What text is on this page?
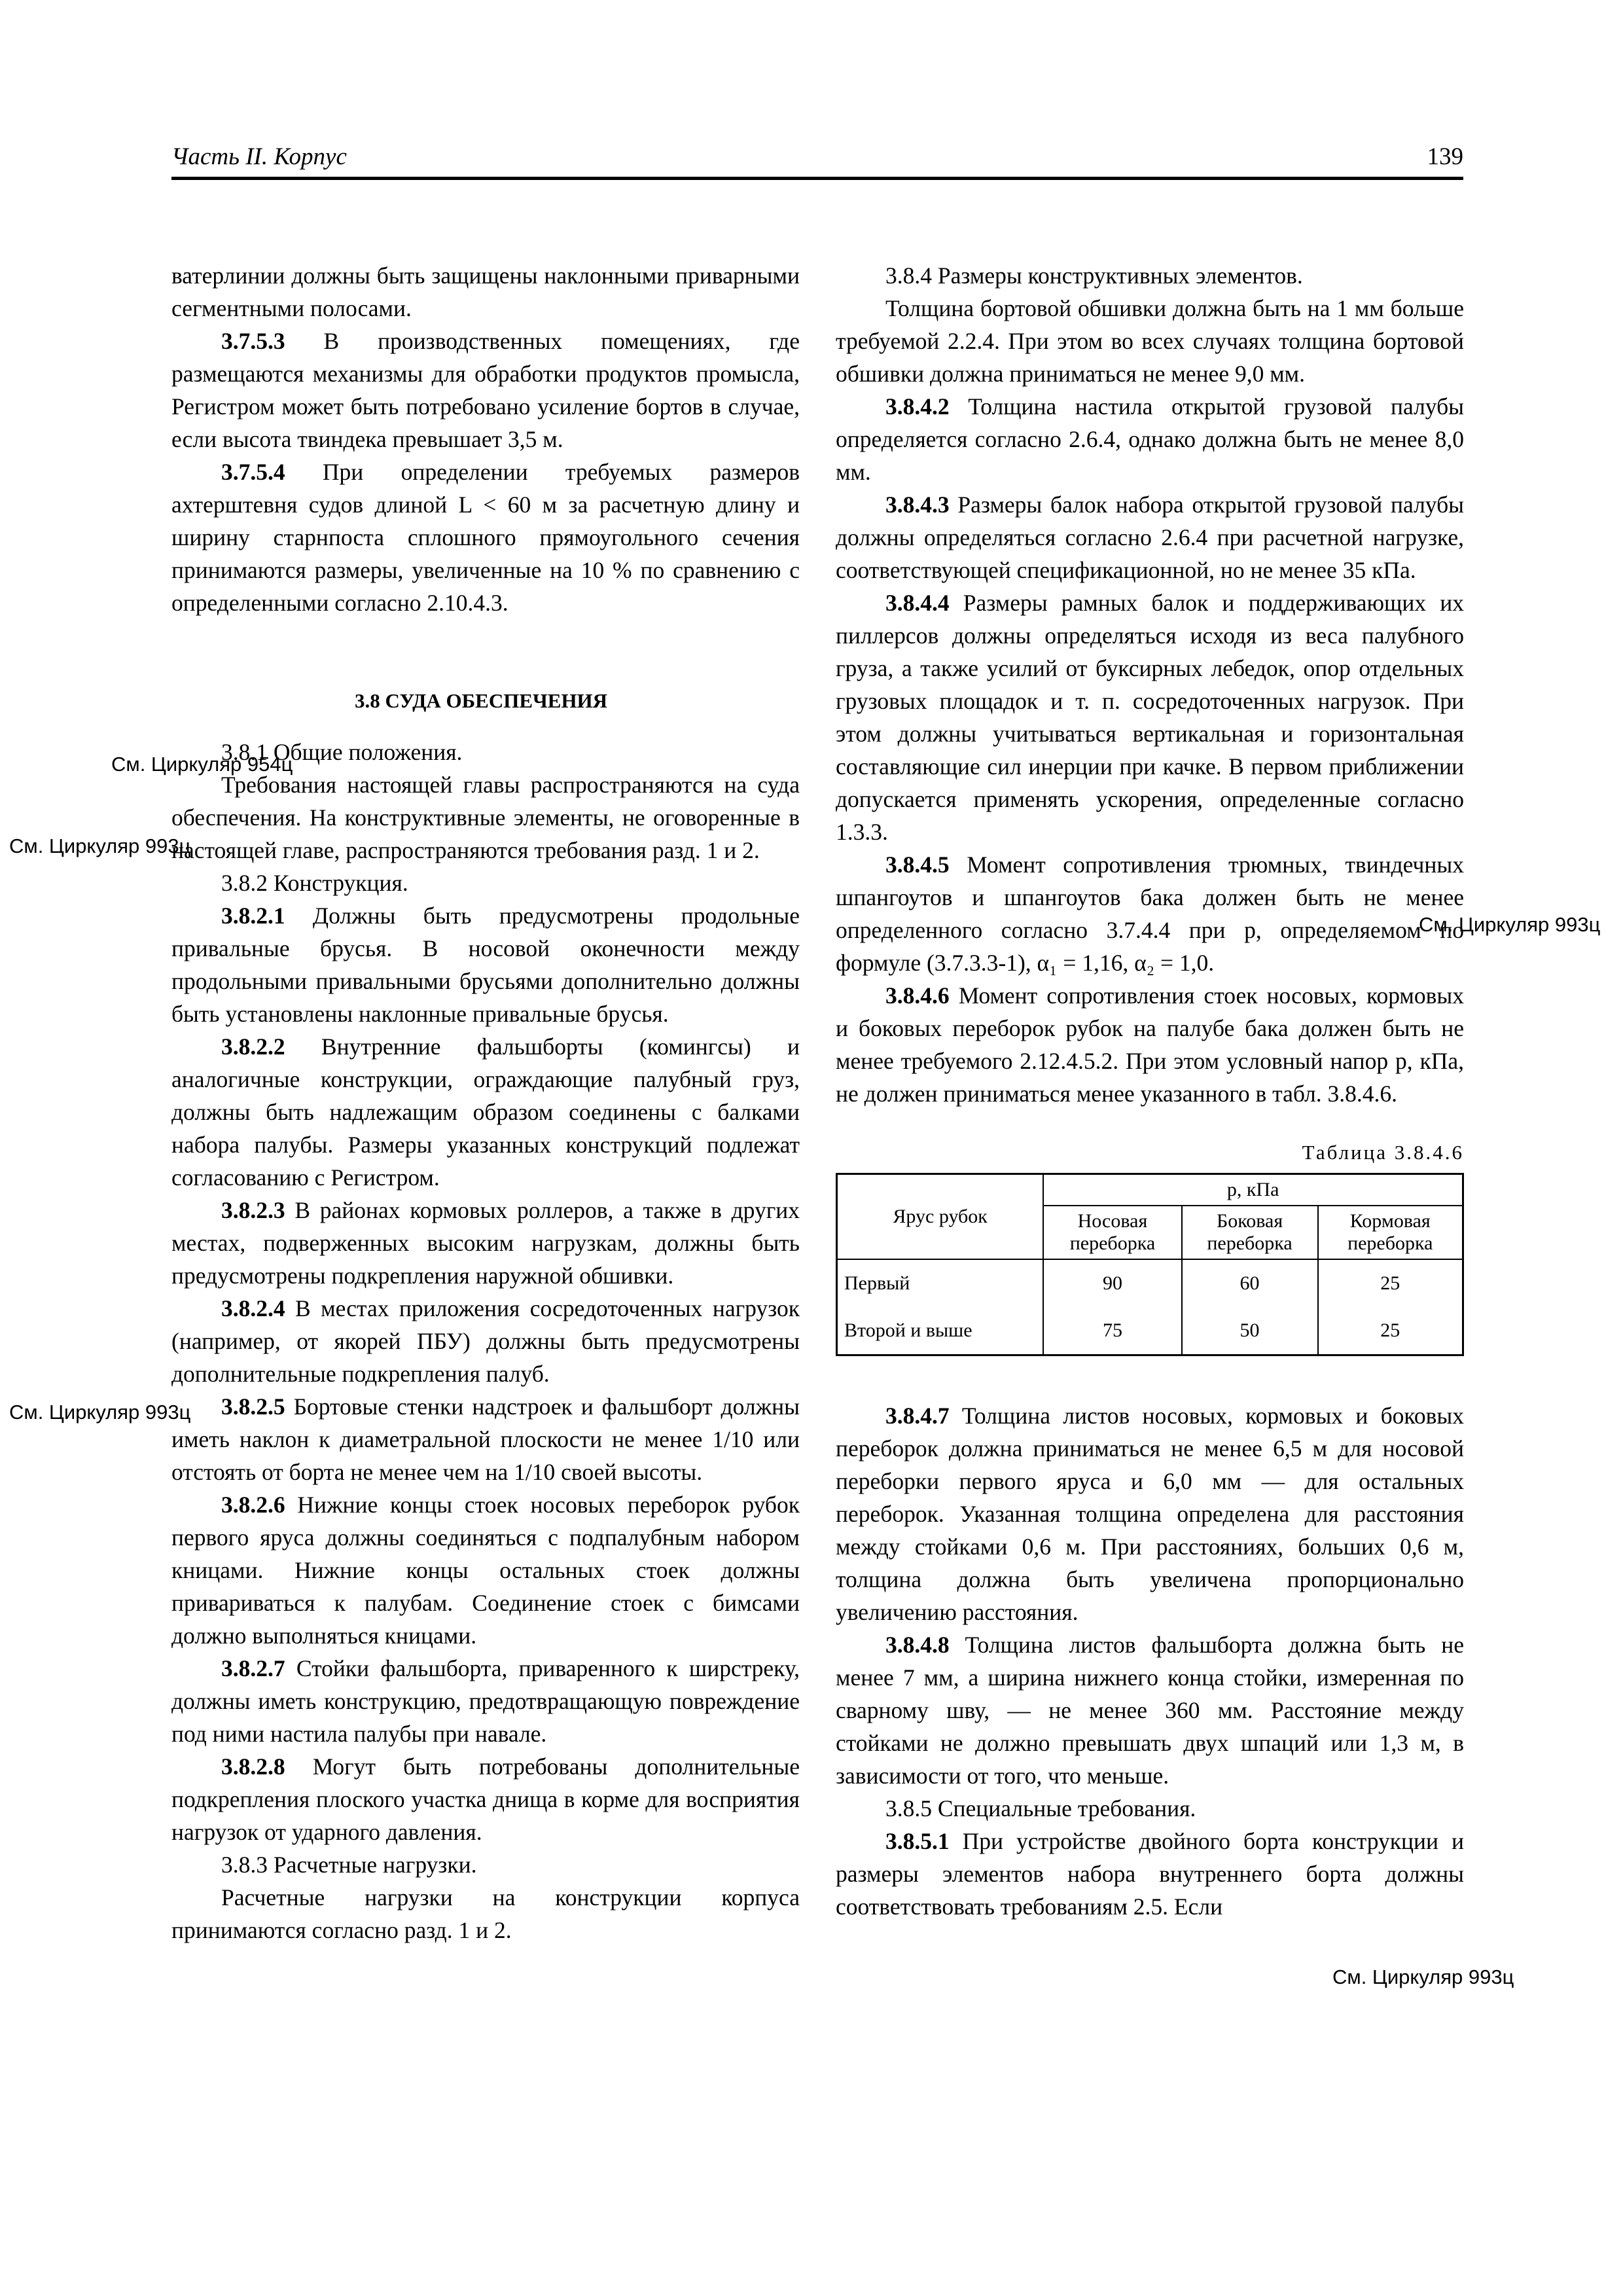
Часть ІІ. Корпус	139
См. Циркуляр 954ц
См. Циркуляр 993ц
См. Циркуляр 993ц
См. Циркуляр 993ц
См. Циркуляр 993ц

ватерлинии должны быть защищены наклонными приварными сегментными полосами.

3.7.5.3 В производственных помещениях, где размещаются механизмы для обработки продуктов промысла, Регистром может быть потребовано усиление бортов в случае, если высота твиндека превышает 3,5 м.

3.7.5.4 При определении требуемых размеров ахтерштевня судов длиной L < 60 м за расчетную длину и ширину старнпоста сплошного прямоугольного сечения принимаются размеры, увеличенные на 10 % по сравнению с определенными согласно 2.10.4.3.

3.8 СУДА ОБЕСПЕЧЕНИЯ

3.8.1 Общие положения.

Требования настоящей главы распространяются на суда обеспечения. На конструктивные элементы, не оговоренные в настоящей главе, распространяются требования разд. 1 и 2.

3.8.2 Конструкция.

3.8.2.1 Должны быть предусмотрены продольные привальные брусья. В носовой оконечности между продольными привальными брусьями дополнительно должны быть установлены наклонные привальные брусья.

3.8.2.2 Внутренние фальшборты (комингсы) и аналогичные конструкции, ограждающие палубный груз, должны быть надлежащим образом соединены с балками набора палубы. Размеры указанных конструкций подлежат согласованию с Регистром.

3.8.2.3 В районах кормовых роллеров, а также в других местах, подверженных высоким нагрузкам, должны быть предусмотрены подкрепления наружной обшивки.

3.8.2.4 В местах приложения сосредоточенных нагрузок (например, от якорей ПБУ) должны быть предусмотрены дополнительные подкрепления палуб.

3.8.2.5 Бортовые стенки надстроек и фальшборт должны иметь наклон к диаметральной плоскости не менее 1/10 или отстоять от борта не менее чем на 1/10 своей высоты.

3.8.2.6 Нижние концы стоек носовых переборок рубок первого яруса должны соединяться с подпалубным набором кницами. Нижние концы остальных стоек должны привариваться к палубам. Соединение стоек с бимсами должно выполняться кницами.

3.8.2.7 Стойки фальшборта, приваренного к ширстреку, должны иметь конструкцию, предотвращающую повреждение под ними настила палубы при навале.

3.8.2.8 Могут быть потребованы дополнительные подкрепления плоского участка днища в корме для восприятия нагрузок от ударного давления.

3.8.3 Расчетные нагрузки.

Расчетные нагрузки на конструкции корпуса принимаются согласно разд. 1 и 2.

3.8.4 Размеры конструктивных элементов.

Толщина бортовой обшивки должна быть на 1 мм больше требуемой 2.2.4. При этом во всех случаях толщина бортовой обшивки должна приниматься не менее 9,0 мм.

3.8.4.2 Толщина настила открытой грузовой палубы определяется согласно 2.6.4, однако должна быть не менее 8,0 мм.

3.8.4.3 Размеры балок набора открытой грузовой палубы должны определяться согласно 2.6.4 при расчетной нагрузке, соответствующей спецификационной, но не менее 35 кПа.

3.8.4.4 Размеры рамных балок и поддерживающих их пиллерсов должны определяться исходя из веса палубного груза, а также усилий от буксирных лебедок, опор отдельных грузовых площадок и т. п. сосредоточенных нагрузок. При этом должны учитываться вертикальная и горизонтальная составляющие сил инерции при качке. В первом приближении допускается применять ускорения, определенные согласно 1.3.3.

3.8.4.5 Момент сопротивления трюмных, твиндечных шпангоутов и шпангоутов бака должен быть не менее определенного согласно 3.7.4.4 при p, определяемом по формуле (3.7.3.3-1), α₁ = 1,16, α₂ = 1,0.

3.8.4.6 Момент сопротивления стоек носовых, кормовых и боковых переборок рубок на палубе бака должен быть не менее требуемого 2.12.4.5.2. При этом условный напор p, кПа, не должен приниматься менее указанного в табл. 3.8.4.6.

Таблица 3.8.4.6

Ярус рубок	p, кПа		
	Носовая переборка	Боковая переборка	Кормовая переборка
Первый	90	60	25
Второй и выше	75	50	25

3.8.4.7 Толщина листов носовых, кормовых и боковых переборок должна приниматься не менее 6,5 м для носовой переборки первого яруса и 6,0 мм — для остальных переборок. Указанная толщина определена для расстояния между стойками 0,6 м. При расстояниях, больших 0,6 м, толщина должна быть увеличена пропорционально увеличению расстояния.

3.8.4.8 Толщина листов фальшборта должна быть не менее 7 мм, а ширина нижнего конца стойки, измеренная по сварному шву, — не менее 360 мм. Расстояние между стойками не должно превышать двух шпаций или 1,3 м, в зависимости от того, что меньше.

3.8.5 Специальные требования.

3.8.5.1 При устройстве двойного борта конструкции и размеры элементов набора внутреннего борта должны соответствовать требованиям 2.5. Если
